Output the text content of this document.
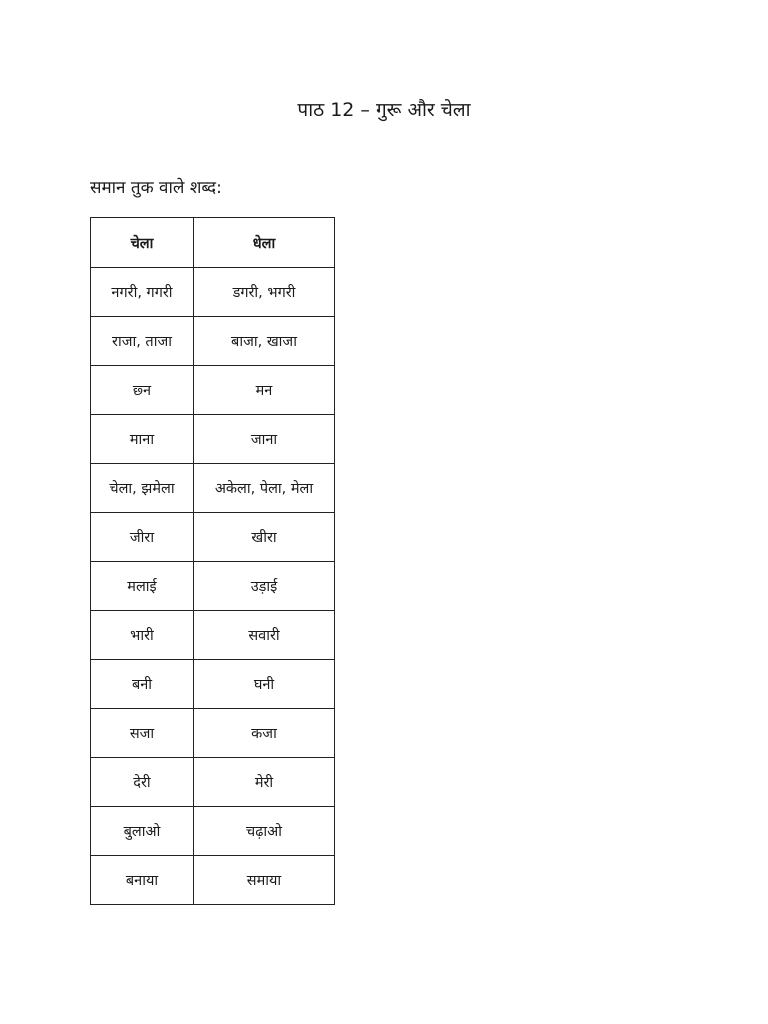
पाठ 12 – गुरू और चेला
समान तुक वाले शब्द:
चेला	धेला
नगरी, गगरी	डगरी, भगरी
राजा, ताजा	बाजा, खाजा
छ्न	मन
माना	जाना
चेला, झमेला	अकेला, पेला, मेला
जीरा	खीरा
मलाई	उड़ाई
भारी	सवारी
बनी	घनी
सजा	कजा
देरी	मेरी
बुलाओ	चढ़ाओ
बनाया	समाया
